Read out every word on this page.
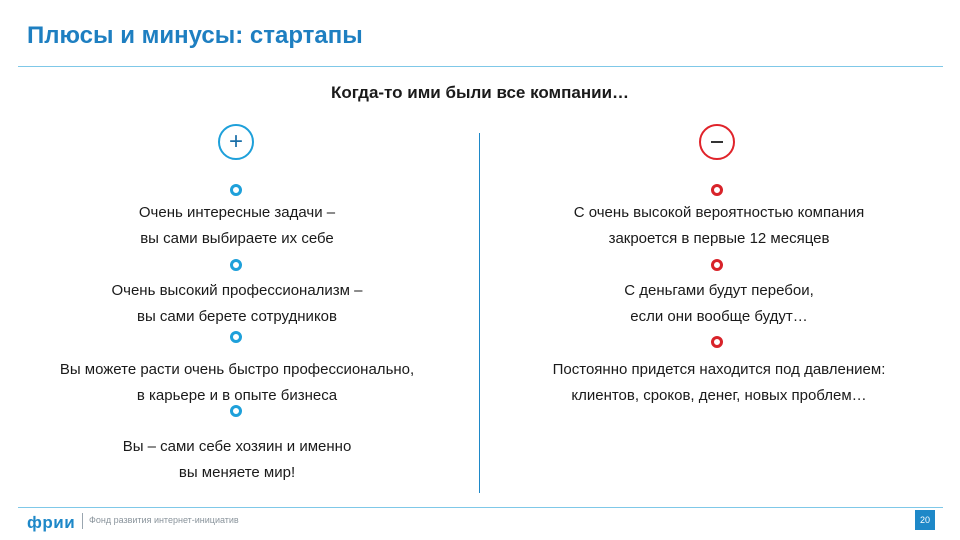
Плюсы и минусы: стартапы
Когда-то ими были все компании…
+
Очень интересные задачи –
вы сами выбираете их себе
Очень высокий профессионализм –
вы сами берете сотрудников
Вы можете расти очень быстро профессионально,
в карьере и в опыте бизнеса
Вы – сами себе хозяин и именно
вы меняете мир!
С очень высокой вероятностью компания
закроется в первые 12 месяцев
С деньгами будут перебои,
если они вообще будут…
Постоянно придется находится под давлением:
клиентов, сроков, денег, новых проблем…
фрии Фонд развития интернет-инициатив	20
